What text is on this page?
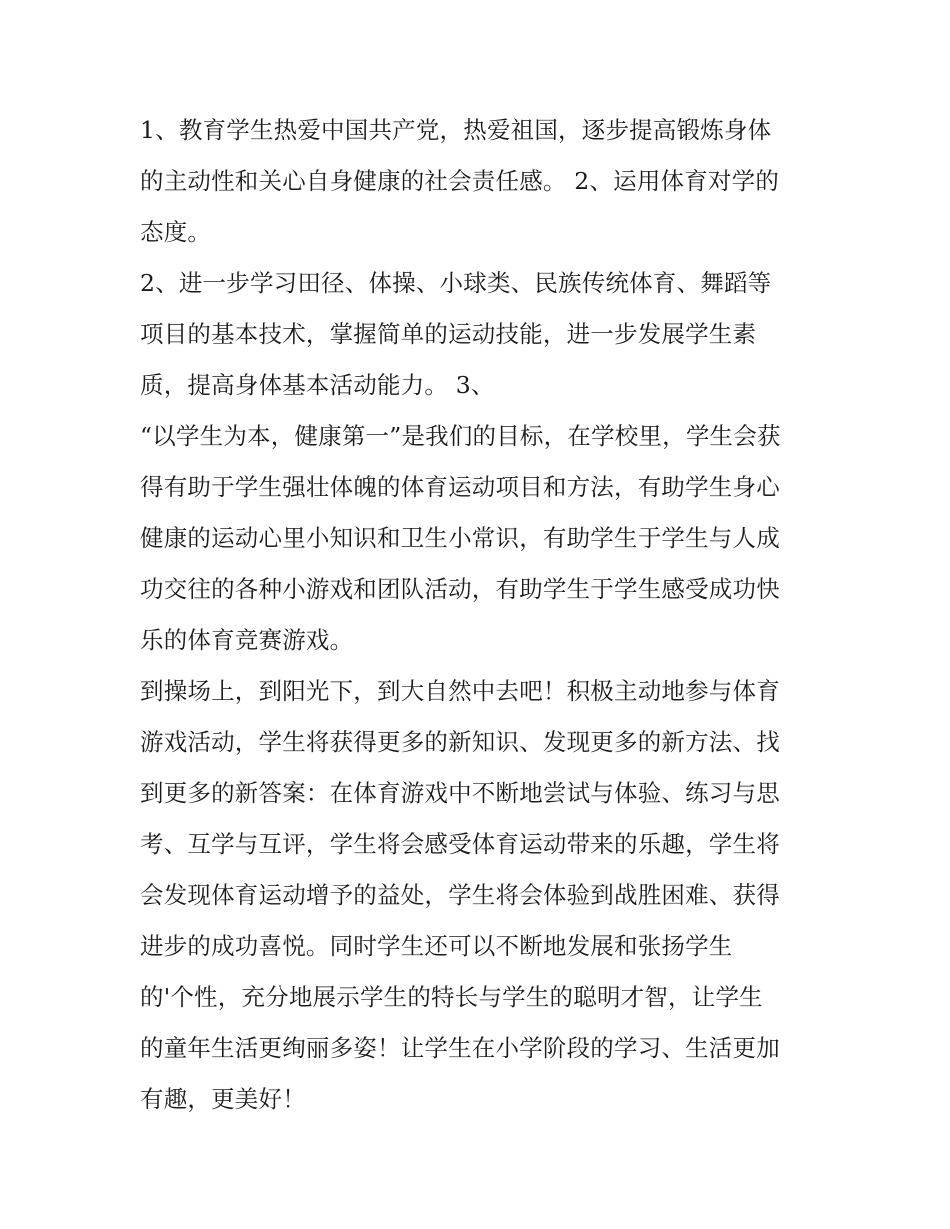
1、教育学生热爱中国共产党，热爱祖国，逐步提高锻炼身体
的主动性和关心自身健康的社会责任感。 2、运用体育对学的
态度。
2、进一步学习田径、体操、小球类、民族传统体育、舞蹈等
项目的基本技术，掌握简单的运动技能，进一步发展学生素
质，提高身体基本活动能力。 3、
“以学生为本，健康第一”是我们的目标，在学校里，学生会获
得有助于学生强壮体魄的体育运动项目和方法，有助学生身心
健康的运动心里小知识和卫生小常识，有助学生于学生与人成
功交往的各种小游戏和团队活动，有助学生于学生感受成功快
乐的体育竞赛游戏。
到操场上，到阳光下，到大自然中去吧！积极主动地参与体育
游戏活动，学生将获得更多的新知识、发现更多的新方法、找
到更多的新答案：在体育游戏中不断地尝试与体验、练习与思
考、互学与互评，学生将会感受体育运动带来的乐趣，学生将
会发现体育运动增予的益处，学生将会体验到战胜困难、获得
进步的成功喜悦。同时学生还可以不断地发展和张扬学生
的'个性，充分地展示学生的特长与学生的聪明才智，让学生
的童年生活更绚丽多姿！让学生在小学阶段的学习、生活更加
有趣，更美好！
